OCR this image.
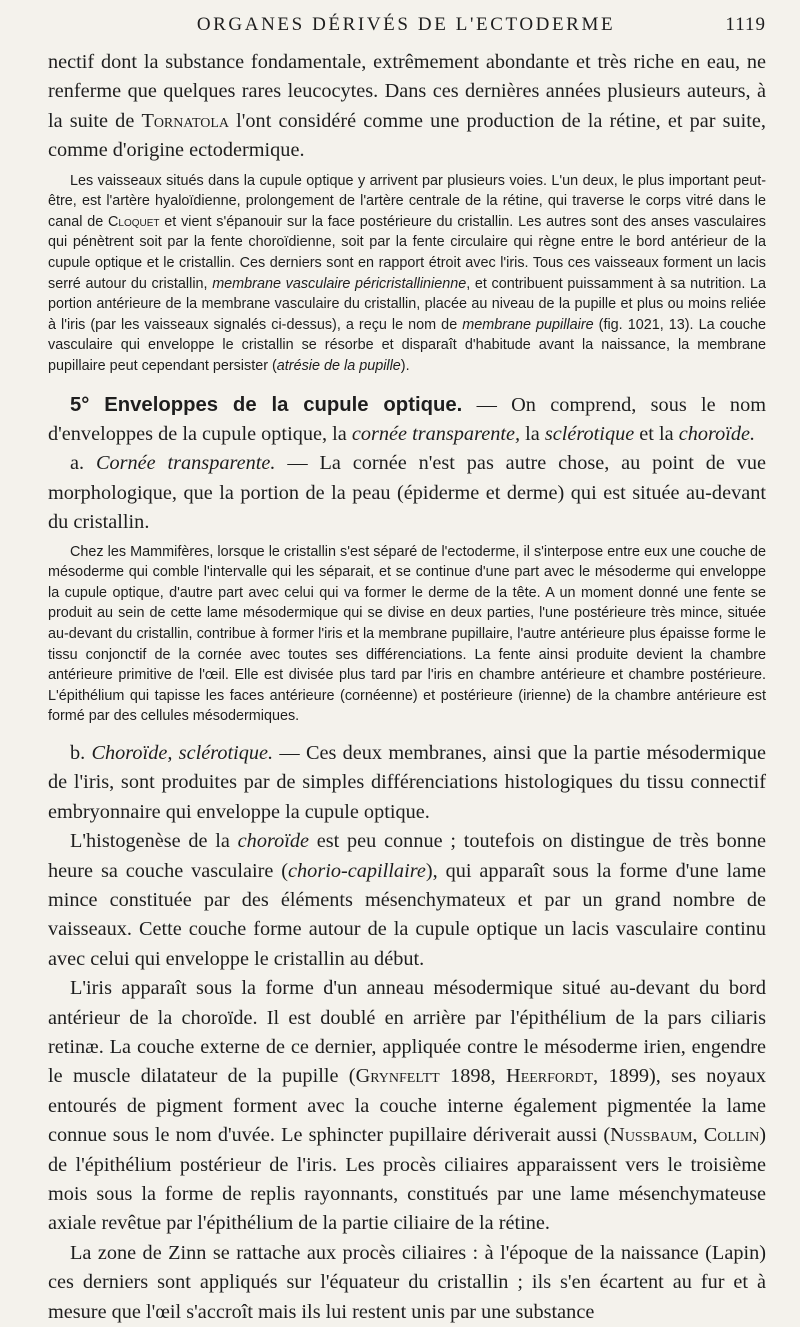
ORGANES DÉRIVÉS DE L'ECTODERME	1119

nectif dont la substance fondamentale, extrêmement abondante et très riche en eau, ne renferme que quelques rares leucocytes. Dans ces dernières années plusieurs auteurs, à la suite de Tornatola l'ont considéré comme une production de la rétine, et par suite, comme d'origine ectodermique.

Les vaisseaux situés dans la cupule optique y arrivent par plusieurs voies. L'un deux, le plus important peut-être, est l'artère hyaloïdienne, prolongement de l'artère centrale de la rétine, qui traverse le corps vitré dans le canal de Cloquet et vient s'épanouir sur la face postérieure du cristallin. Les autres sont des anses vasculaires qui pénètrent soit par la fente choroïdienne, soit par la fente circulaire qui règne entre le bord antérieur de la cupule optique et le cristallin. Ces derniers sont en rapport étroit avec l'iris. Tous ces vaisseaux forment un lacis serré autour du cristallin, membrane vasculaire péricristallinienne, et contribuent puissamment à sa nutrition. La portion antérieure de la membrane vasculaire du cristallin, placée au niveau de la pupille et plus ou moins reliée à l'iris (par les vaisseaux signalés ci-dessus), a reçu le nom de membrane pupillaire (fig. 1021, 13). La couche vasculaire qui enveloppe le cristallin se résorbe et disparaît d'habitude avant la naissance, la membrane pupillaire peut cependant persister (atrésie de la pupille).

5° Enveloppes de la cupule optique. — On comprend, sous le nom d'enveloppes de la cupule optique, la cornée transparente, la sclérotique et la choroïde.

a. Cornée transparente. — La cornée n'est pas autre chose, au point de vue morphologique, que la portion de la peau (épiderme et derme) qui est située au-devant du cristallin.

Chez les Mammifères, lorsque le cristallin s'est séparé de l'ectoderme, il s'interpose entre eux une couche de mésoderme qui comble l'intervalle qui les séparait, et se continue d'une part avec le mésoderme qui enveloppe la cupule optique, d'autre part avec celui qui va former le derme de la tête. A un moment donné une fente se produit au sein de cette lame mésodermique qui se divise en deux parties, l'une postérieure très mince, située au-devant du cristallin, contribue à former l'iris et la membrane pupillaire, l'autre antérieure plus épaisse forme le tissu conjonctif de la cornée avec toutes ses différenciations. La fente ainsi produite devient la chambre antérieure primitive de l'œil. Elle est divisée plus tard par l'iris en chambre antérieure et chambre postérieure. L'épithélium qui tapisse les faces antérieure (cornéenne) et postérieure (irienne) de la chambre antérieure est formé par des cellules mésodermiques.

b. Choroïde, sclérotique. — Ces deux membranes, ainsi que la partie mésodermique de l'iris, sont produites par de simples différenciations histologiques du tissu connectif embryonnaire qui enveloppe la cupule optique.

L'histogenèse de la choroïde est peu connue ; toutefois on distingue de très bonne heure sa couche vasculaire (chorio-capillaire), qui apparaît sous la forme d'une lame mince constituée par des éléments mésenchymateux et par un grand nombre de vaisseaux. Cette couche forme autour de la cupule optique un lacis vasculaire continu avec celui qui enveloppe le cristallin au début.

L'iris apparaît sous la forme d'un anneau mésodermique situé au-devant du bord antérieur de la choroïde. Il est doublé en arrière par l'épithélium de la pars ciliaris retinæ. La couche externe de ce dernier, appliquée contre le mésoderme irien, engendre le muscle dilatateur de la pupille (Grynfeltt 1898, Heerfordt, 1899), ses noyaux entourés de pigment forment avec la couche interne également pigmentée la lame connue sous le nom d'uvée. Le sphincter pupillaire dériverait aussi (Nussbaum, Collin) de l'épithélium postérieur de l'iris. Les procès ciliaires apparaissent vers le troisième mois sous la forme de replis rayonnants, constitués par une lame mésenchymateuse axiale revêtue par l'épithélium de la partie ciliaire de la rétine.

La zone de Zinn se rattache aux procès ciliaires : à l'époque de la naissance (Lapin) ces derniers sont appliqués sur l'équateur du cristallin ; ils s'en écartent au fur et à mesure que l'œil s'accroît mais ils lui restent unis par une substance
